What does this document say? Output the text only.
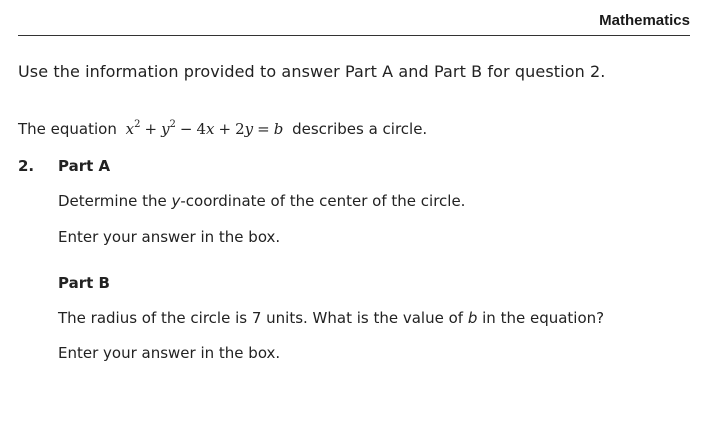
Mathematics
Use the information provided to answer Part A and Part B for question 2.
The equation $x^2 + y^2 - 4x + 2y = b$ describes a circle.
2. Part A
Determine the y-coordinate of the center of the circle.
Enter your answer in the box.
Part B
The radius of the circle is 7 units. What is the value of b in the equation?
Enter your answer in the box.
